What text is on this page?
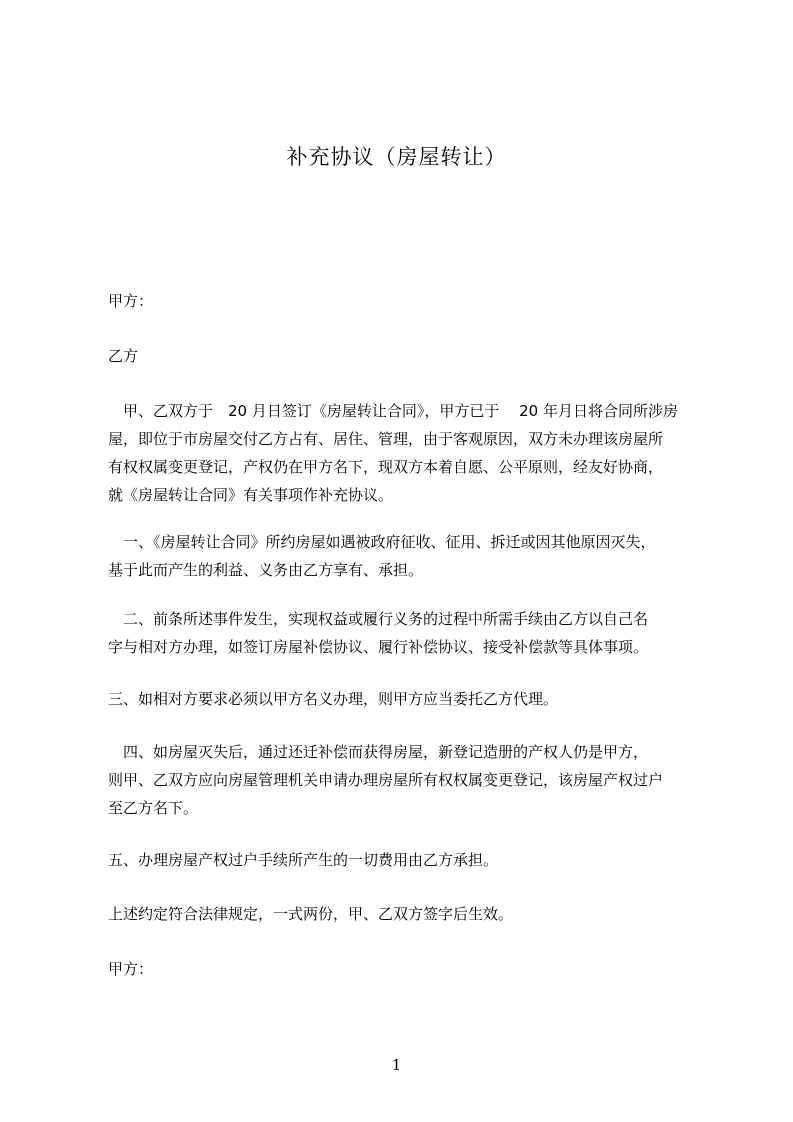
补充协议（房屋转让）
甲方：
乙方
　甲、乙双方于　20 月日签订《房屋转让合同》，甲方已于　 20 年月日将合同所涉房
屋，即位于市房屋交付乙方占有、居住、管理，由于客观原因，双方未办理该房屋所
有权权属变更登记，产权仍在甲方名下，现双方本着自愿、公平原则，经友好协商，
就《房屋转让合同》有关事项作补充协议。
　一、《房屋转让合同》所约房屋如遇被政府征收、征用、拆迁或因其他原因灭失，
基于此而产生的利益、义务由乙方享有、承担。
　二、前条所述事件发生，实现权益或履行义务的过程中所需手续由乙方以自己名
字与相对方办理，如签订房屋补偿协议、履行补偿协议、接受补偿款等具体事项。
三、如相对方要求必须以甲方名义办理，则甲方应当委托乙方代理。
　四、如房屋灭失后，通过还迁补偿而获得房屋，新登记造册的产权人仍是甲方，
则甲、乙双方应向房屋管理机关申请办理房屋所有权权属变更登记，该房屋产权过户
至乙方名下。
五、办理房屋产权过户手续所产生的一切费用由乙方承担。
上述约定符合法律规定，一式两份，甲、乙双方签字后生效。
甲方：
1
